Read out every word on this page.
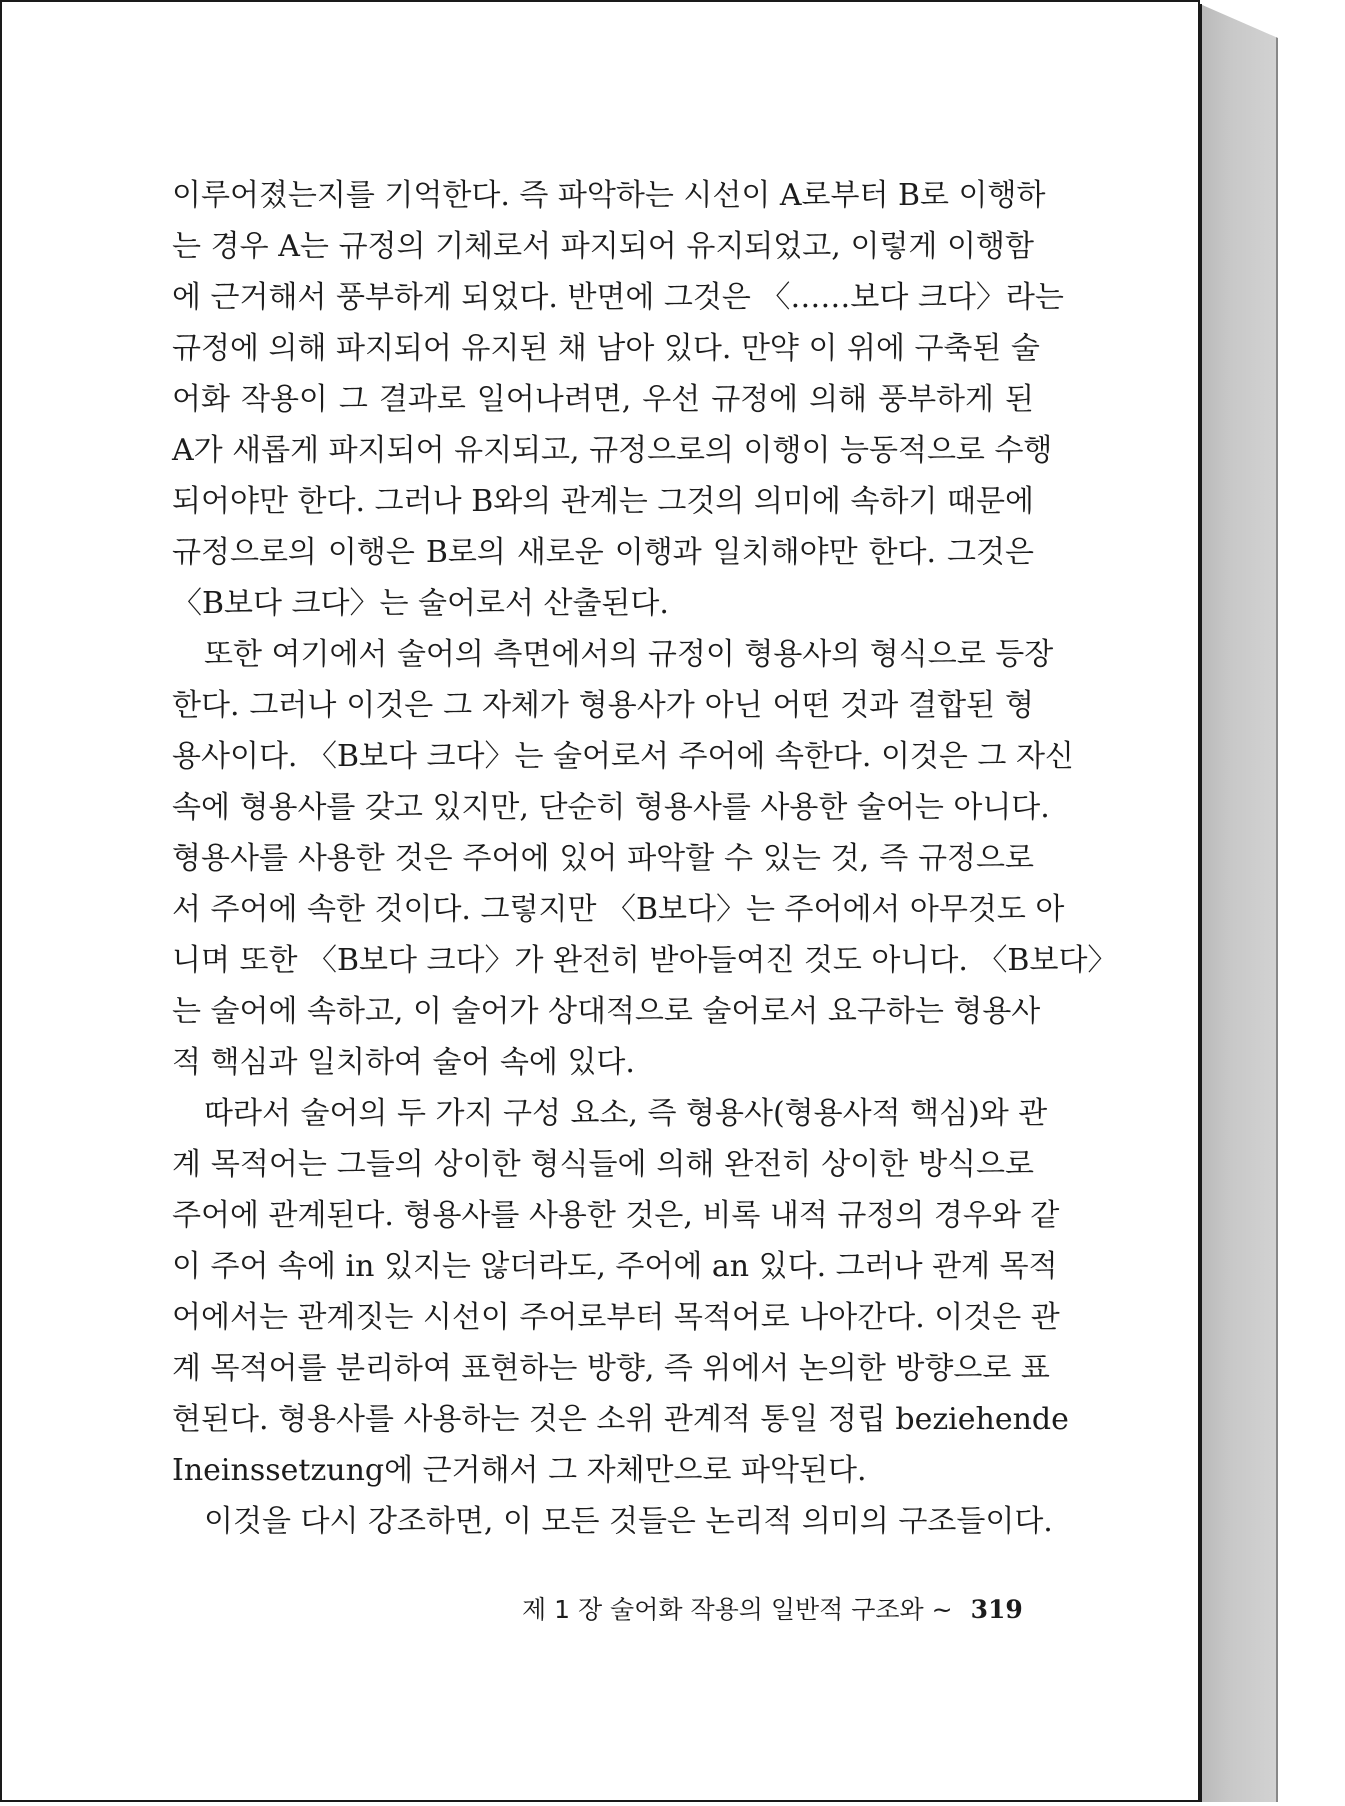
이루어졌는지를 기억한다. 즉 파악하는 시선이 A로부터 B로 이행하
는 경우 A는 규정의 기체로서 파지되어 유지되었고, 이렇게 이행함
에 근거해서 풍부하게 되었다. 반면에 그것은 〈……보다 크다〉라는
규정에 의해 파지되어 유지된 채 남아 있다. 만약 이 위에 구축된 술
어화 작용이 그 결과로 일어나려면, 우선 규정에 의해 풍부하게 된
A가 새롭게 파지되어 유지되고, 규정으로의 이행이 능동적으로 수행
되어야만 한다. 그러나 B와의 관계는 그것의 의미에 속하기 때문에
규정으로의 이행은 B로의 새로운 이행과 일치해야만 한다. 그것은
〈B보다 크다〉는 술어로서 산출된다.
또한 여기에서 술어의 측면에서의 규정이 형용사의 형식으로 등장
한다. 그러나 이것은 그 자체가 형용사가 아닌 어떤 것과 결합된 형
용사이다. 〈B보다 크다〉는 술어로서 주어에 속한다. 이것은 그 자신
속에 형용사를 갖고 있지만, 단순히 형용사를 사용한 술어는 아니다.
형용사를 사용한 것은 주어에 있어 파악할 수 있는 것, 즉 규정으로
서 주어에 속한 것이다. 그렇지만 〈B보다〉는 주어에서 아무것도 아
니며 또한 〈B보다 크다〉가 완전히 받아들여진 것도 아니다. 〈B보다〉
는 술어에 속하고, 이 술어가 상대적으로 술어로서 요구하는 형용사
적 핵심과 일치하여 술어 속에 있다.
따라서 술어의 두 가지 구성 요소, 즉 형용사(형용사적 핵심)와 관
계 목적어는 그들의 상이한 형식들에 의해 완전히 상이한 방식으로
주어에 관계된다. 형용사를 사용한 것은, 비록 내적 규정의 경우와 같
이 주어 속에 in 있지는 않더라도, 주어에 an 있다. 그러나 관계 목적
어에서는 관계짓는 시선이 주어로부터 목적어로 나아간다. 이것은 관
계 목적어를 분리하여 표현하는 방향, 즉 위에서 논의한 방향으로 표
현된다. 형용사를 사용하는 것은 소위 관계적 통일 정립 beziehende
Ineinssetzung에 근거해서 그 자체만으로 파악된다.
이것을 다시 강조하면, 이 모든 것들은 논리적 의미의 구조들이다.
제 1 장 술어화 작용의 일반적 구조와 ~ 319
